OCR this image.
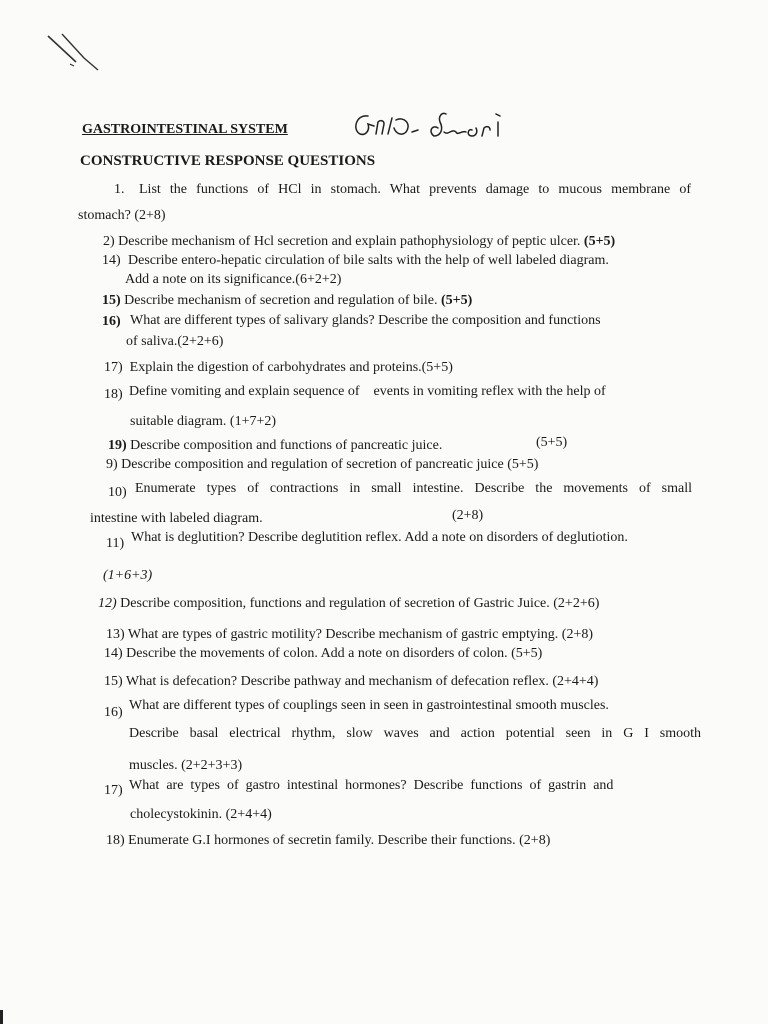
GASTROINTESTINAL SYSTEM
CONSTRUCTIVE RESPONSE QUESTIONS
1. List the functions of HCl in stomach. What prevents damage to mucous membrane of
stomach? (2+8)
2) Describe mechanism of Hcl secretion and explain pathophysiology of peptic ulcer. (5+5)
14) Describe entero-hepatic circulation of bile salts with the help of well labeled diagram.
Add a note on its significance.(6+2+2)
15) Describe mechanism of secretion and regulation of bile. (5+5)
16) What are different types of salivary glands? Describe the composition and functions
of saliva.(2+2+6)
17) Explain the digestion of carbohydrates and proteins.(5+5)
18) Define vomiting and explain sequence of    events in vomiting reflex with the help of
suitable diagram. (1+7+2)
19) Describe composition and functions of pancreatic juice.	(5+5)
9) Describe composition and regulation of secretion of pancreatic juice (5+5)
10) Enumerate types of contractions in small intestine. Describe the movements of small
intestine with labeled diagram.	(2+8)
11) What is deglutition? Describe deglutition reflex. Add a note on disorders of deglutiotion.
(1+6+3)
12) Describe composition, functions and regulation of secretion of Gastric Juice. (2+2+6)
13) What are types of gastric motility? Describe mechanism of gastric emptying. (2+8)
14) Describe the movements of colon. Add a note on disorders of colon. (5+5)
15) What is defecation? Describe pathway and mechanism of defecation reflex. (2+4+4)
16) What are different types of couplings seen in seen in gastrointestinal smooth muscles.
Describe basal electrical rhythm, slow waves and action potential seen in G I smooth
muscles. (2+2+3+3)
17) What  are  types  of  gastro  intestinal  hormones?  Describe  functions  of  gastrin  and
cholecystokinin. (2+4+4)
18) Enumerate G.I hormones of secretin family. Describe their functions. (2+8)
